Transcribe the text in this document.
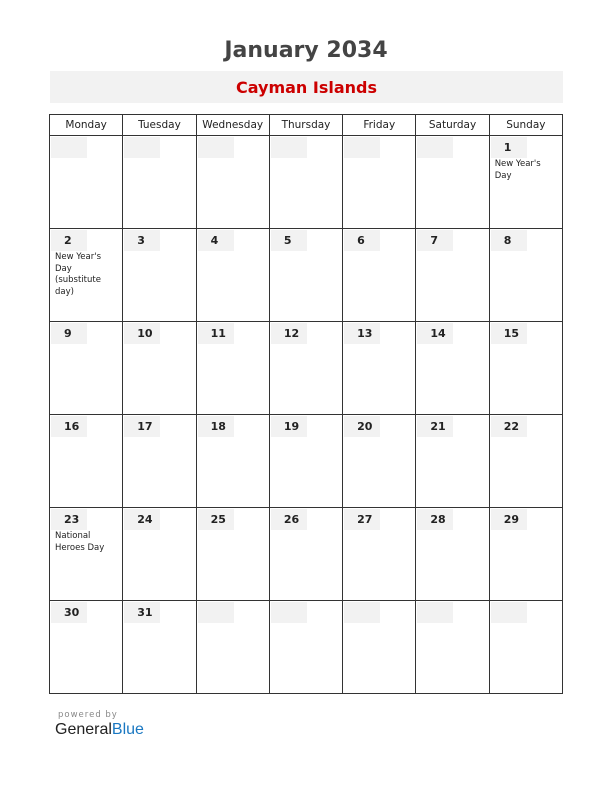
January 2034
Cayman Islands
Monday	Tuesday	Wednesday	Thursday	Friday	Saturday	Sunday

						1
New Year's Day

2
New Year's Day (substitute day)	3	4	5	6	7	8

9	10	11	12	13	14	15

16	17	18	19	20	21	22

23
National Heroes Day	24	25	26	27	28	29

30	31					

powered by
GeneralBlue
